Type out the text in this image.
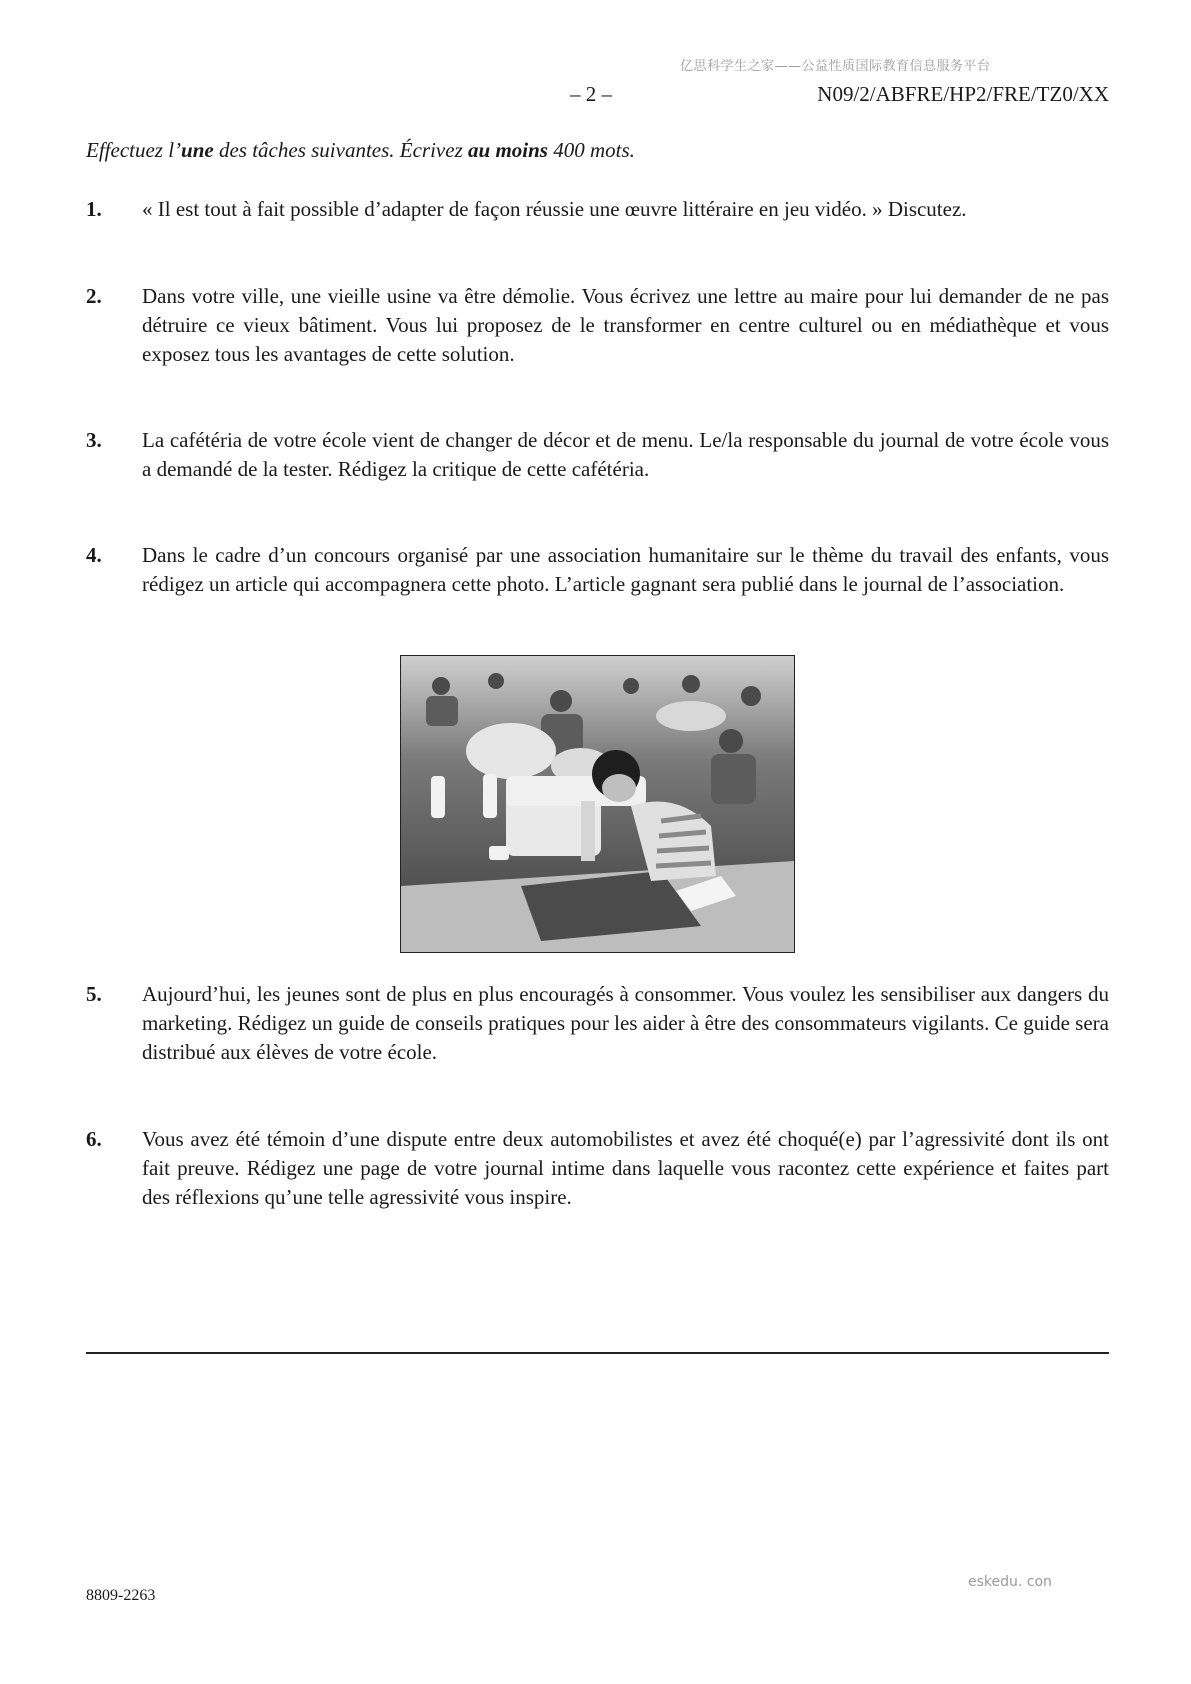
亿思科学生之家——公益性质国际教育信息服务平台
– 2 –	N09/2/ABFRE/HP2/FRE/TZ0/XX
Effectuez l’une des tâches suivantes. Écrivez au moins 400 mots.
1. « Il est tout à fait possible d’adapter de façon réussie une œuvre littéraire en jeu vidéo. » Discutez.
2. Dans votre ville, une vieille usine va être démolie. Vous écrivez une lettre au maire pour lui demander de ne pas détruire ce vieux bâtiment. Vous lui proposez de le transformer en centre culturel ou en médiathèque et vous exposez tous les avantages de cette solution.
3. La cafétéria de votre école vient de changer de décor et de menu. Le/la responsable du journal de votre école vous a demandé de la tester. Rédigez la critique de cette cafétéria.
4. Dans le cadre d’un concours organisé par une association humanitaire sur le thème du travail des enfants, vous rédigez un article qui accompagnera cette photo. L’article gagnant sera publié dans le journal de l’association.
5. Aujourd’hui, les jeunes sont de plus en plus encouragés à consommer. Vous voulez les sensibiliser aux dangers du marketing. Rédigez un guide de conseils pratiques pour les aider à être des consommateurs vigilants. Ce guide sera distribué aux élèves de votre école.
6. Vous avez été témoin d’une dispute entre deux automobilistes et avez été choqué(e) par l’agressivité dont ils ont fait preuve. Rédigez une page de votre journal intime dans laquelle vous racontez cette expérience et faites part des réflexions qu’une telle agressivité vous inspire.
8809-2263
eskedu. con
